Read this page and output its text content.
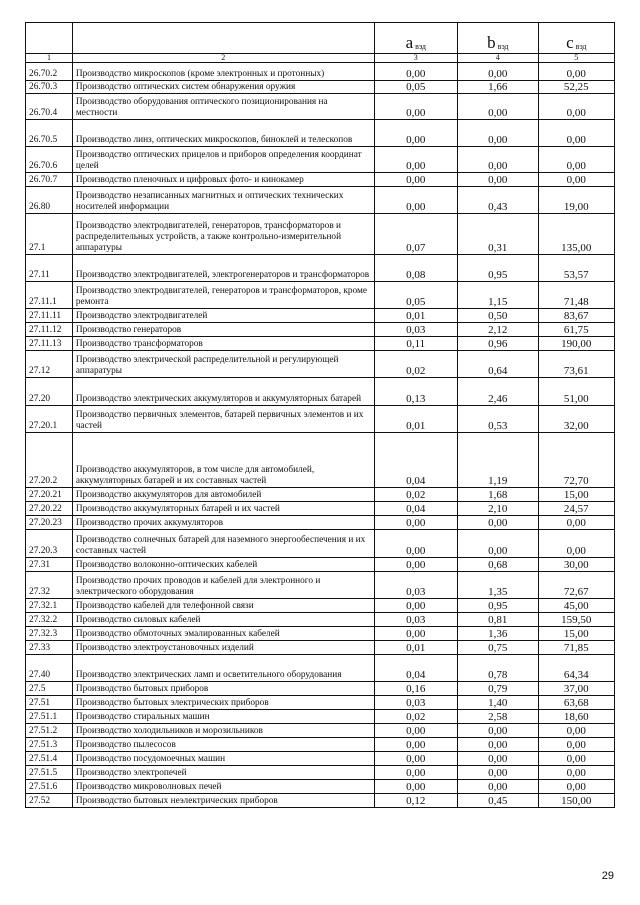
		a вэд	b вэд	c вэд
1	2	3	4	5
26.70.2	Производство микроскопов (кроме электронных и протонных)	0,00	0,00	0,00
26.70.3	Производство оптических систем обнаружения оружия	0,05	1,66	52,25
26.70.4	Производство оборудования оптического позиционирования на местности	0,00	0,00	0,00
26.70.5	Производство линз, оптических микроскопов, биноклей и телескопов	0,00	0,00	0,00
26.70.6	Производство оптических прицелов и приборов определения координат целей	0,00	0,00	0,00
26.70.7	Производство пленочных и цифровых фото- и кинокамер	0,00	0,00	0,00
26.80	Производство незаписанных магнитных и оптических технических носителей информации	0,00	0,43	19,00
27.1	Производство электродвигателей, генераторов, трансформаторов и распределительных устройств, а также контрольно-измерительной аппаратуры	0,07	0,31	135,00
27.11	Производство электродвигателей, электрогенераторов и трансформаторов	0,08	0,95	53,57
27.11.1	Производство электродвигателей, генераторов и трансформаторов, кроме ремонта	0,05	1,15	71,48
27.11.11	Производство электродвигателей	0,01	0,50	83,67
27.11.12	Производство генераторов	0,03	2,12	61,75
27.11.13	Производство трансформаторов	0,11	0,96	190,00
27.12	Производство электрической распределительной и регулирующей аппаратуры	0,02	0,64	73,61
27.20	Производство электрических аккумуляторов и аккумуляторных батарей	0,13	2,46	51,00
27.20.1	Производство первичных элементов, батарей первичных элементов и их частей	0,01	0,53	32,00
27.20.2	Производство аккумуляторов, в том числе для автомобилей, аккумуляторных батарей и их составных частей	0,04	1,19	72,70
27.20.21	Производство аккумуляторов для автомобилей	0,02	1,68	15,00
27.20.22	Производство аккумуляторных батарей и их частей	0,04	2,10	24,57
27.20.23	Производство прочих аккумуляторов	0,00	0,00	0,00
27.20.3	Производство солнечных батарей для наземного энергообеспечения и их составных частей	0,00	0,00	0,00
27.31	Производство волоконно-оптических кабелей	0,00	0,68	30,00
27.32	Производство прочих проводов и кабелей для электронного и электрического оборудования	0,03	1,35	72,67
27.32.1	Производство кабелей для телефонной связи	0,00	0,95	45,00
27.32.2	Производство силовых кабелей	0,03	0,81	159,50
27.32.3	Производство обмоточных эмалированных кабелей	0,00	1,36	15,00
27.33	Производство электроустановочных изделий	0,01	0,75	71,85
27.40	Производство электрических ламп и осветительного оборудования	0,04	0,78	64,34
27.5	Производство бытовых приборов	0,16	0,79	37,00
27.51	Производство бытовых электрических приборов	0,03	1,40	63,68
27.51.1	Производство стиральных машин	0,02	2,58	18,60
27.51.2	Производство холодильников и морозильников	0,00	0,00	0,00
27.51.3	Производство пылесосов	0,00	0,00	0,00
27.51.4	Производство посудомоечных машин	0,00	0,00	0,00
27.51.5	Производство электропечей	0,00	0,00	0,00
27.51.6	Производство микроволновых печей	0,00	0,00	0,00
27.52	Производство бытовых неэлектрических приборов	0,12	0,45	150,00
29
